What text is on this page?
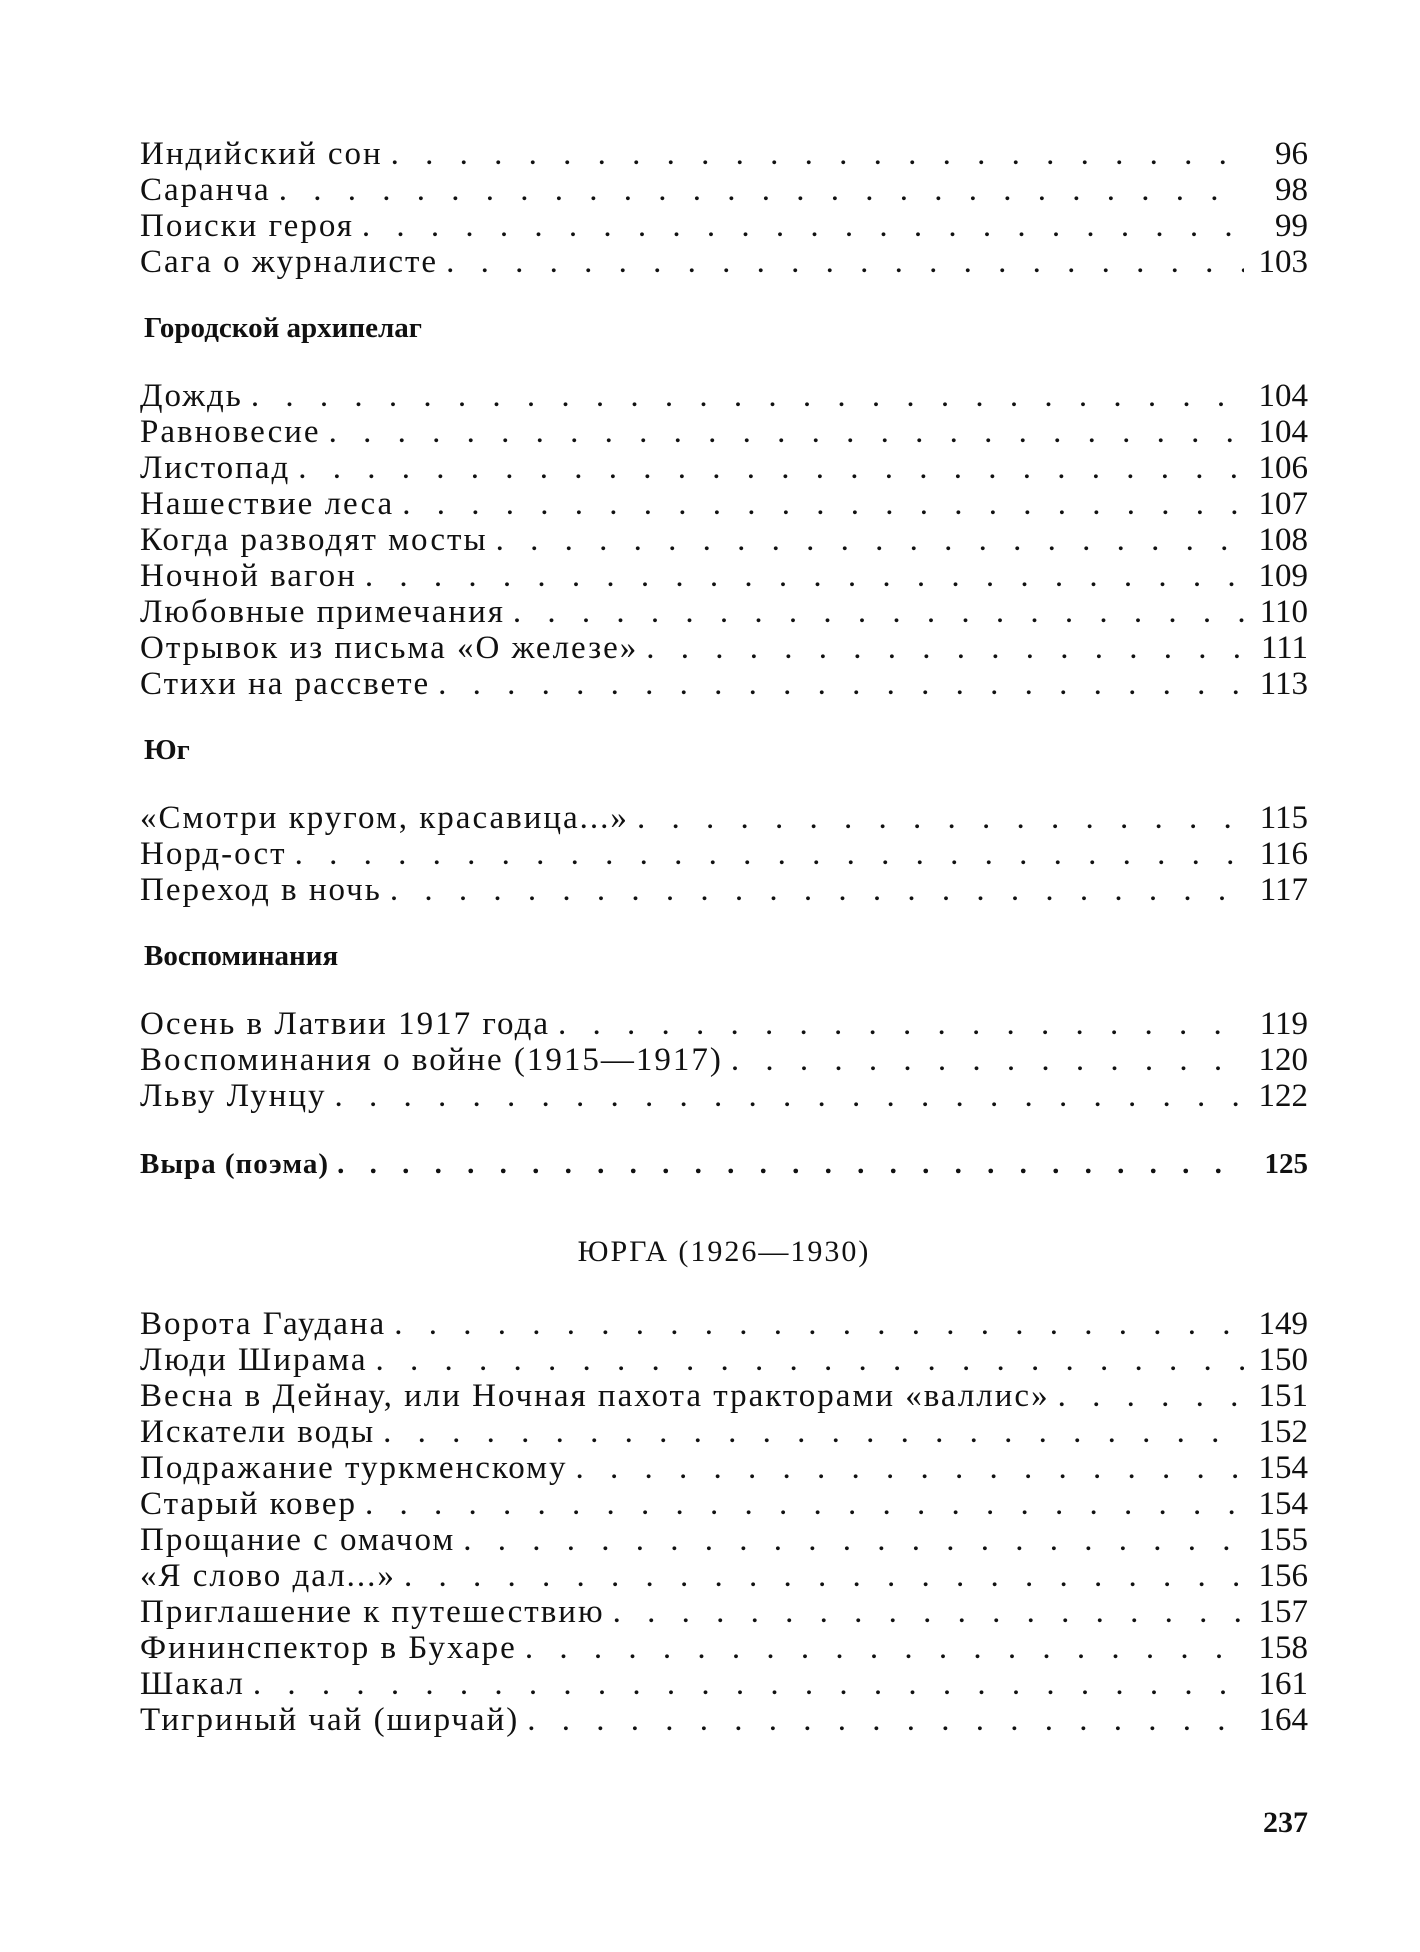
Индийский сон . . .	96
Саранча . . .	98
Поиски героя . . .	99
Сага о журналисте . . .	103
Городской архипелаг
Дождь . . .	104
Равновесие . . .	104
Листопад . . .	106
Нашествие леса . . .	107
Когда разводят мосты . . .	108
Ночной вагон . . .	109
Любовные примечания . . .	110
Отрывок из письма «О железе» . . .	111
Стихи на рассвете . . .	113
Юг
«Смотри кругом, красавица...» . . .	115
Норд-ост . . .	116
Переход в ночь . . .	117
Воспоминания
Осень в Латвии 1917 года . . .	119
Воспоминания о войне (1915—1917) . . .	120
Льву Лунцу . . .	122
Выра (поэма) . . .	125
ЮРГА (1926—1930)
Ворота Гаудана . . .	149
Люди Ширама . . .	150
Весна в Дейнау, или Ночная пахота тракторами «валлис» . . .	151
Искатели воды . . .	152
Подражание туркменскому . . .	154
Старый ковер . . .	154
Прощание с омачом . . .	155
«Я слово дал...» . . .	156
Приглашение к путешествию . . .	157
Фининспектор в Бухаре . . .	158
Шакал . . .	161
Тигриный чай (ширчай) . . .	164
237
